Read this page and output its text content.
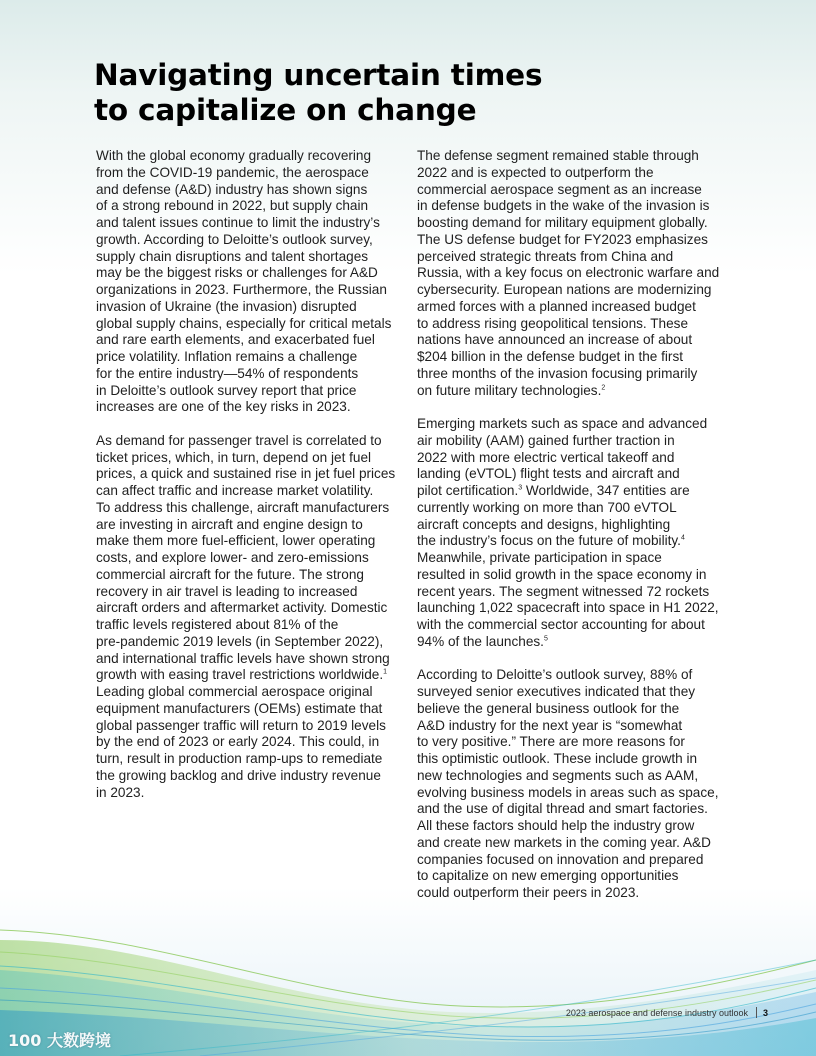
Navigating uncertain times
to capitalize on change

With the global economy gradually recovering
from the COVID-19 pandemic, the aerospace
and defense (A&D) industry has shown signs
of a strong rebound in 2022, but supply chain
and talent issues continue to limit the industry’s
growth. According to Deloitte’s outlook survey,
supply chain disruptions and talent shortages
may be the biggest risks or challenges for A&D
organizations in 2023. Furthermore, the Russian
invasion of Ukraine (the invasion) disrupted
global supply chains, especially for critical metals
and rare earth elements, and exacerbated fuel
price volatility. Inflation remains a challenge
for the entire industry—54% of respondents
in Deloitte’s outlook survey report that price
increases are one of the key risks in 2023.

As demand for passenger travel is correlated to
ticket prices, which, in turn, depend on jet fuel
prices, a quick and sustained rise in jet fuel prices
can affect traffic and increase market volatility.
To address this challenge, aircraft manufacturers
are investing in aircraft and engine design to
make them more fuel-efficient, lower operating
costs, and explore lower- and zero-emissions
commercial aircraft for the future. The strong
recovery in air travel is leading to increased
aircraft orders and aftermarket activity. Domestic
traffic levels registered about 81% of the
pre-pandemic 2019 levels (in September 2022),
and international traffic levels have shown strong
growth with easing travel restrictions worldwide.$^1$
Leading global commercial aerospace original
equipment manufacturers (OEMs) estimate that
global passenger traffic will return to 2019 levels
by the end of 2023 or early 2024. This could, in
turn, result in production ramp-ups to remediate
the growing backlog and drive industry revenue
in 2023.

The defense segment remained stable through
2022 and is expected to outperform the
commercial aerospace segment as an increase
in defense budgets in the wake of the invasion is
boosting demand for military equipment globally.
The US defense budget for FY2023 emphasizes
perceived strategic threats from China and
Russia, with a key focus on electronic warfare and
cybersecurity. European nations are modernizing
armed forces with a planned increased budget
to address rising geopolitical tensions. These
nations have announced an increase of about
$204 billion in the defense budget in the first
three months of the invasion focusing primarily
on future military technologies.$^2$

Emerging markets such as space and advanced
air mobility (AAM) gained further traction in
2022 with more electric vertical takeoff and
landing (eVTOL) flight tests and aircraft and
pilot certification.$^3$ Worldwide, 347 entities are
currently working on more than 700 eVTOL
aircraft concepts and designs, highlighting
the industry’s focus on the future of mobility.$^4$
Meanwhile, private participation in space
resulted in solid growth in the space economy in
recent years. The segment witnessed 72 rockets
launching 1,022 spacecraft into space in H1 2022,
with the commercial sector accounting for about
94% of the launches.$^5$

According to Deloitte’s outlook survey, 88% of
surveyed senior executives indicated that they
believe the general business outlook for the
A&D industry for the next year is “somewhat
to very positive.” There are more reasons for
this optimistic outlook. These include growth in
new technologies and segments such as AAM,
evolving business models in areas such as space,
and the use of digital thread and smart factories.
All these factors should help the industry grow
and create new markets in the coming year. A&D
companies focused on innovation and prepared
to capitalize on new emerging opportunities
could outperform their peers in 2023.

2023 aerospace and defense industry outlook 3
100 大数跨境
